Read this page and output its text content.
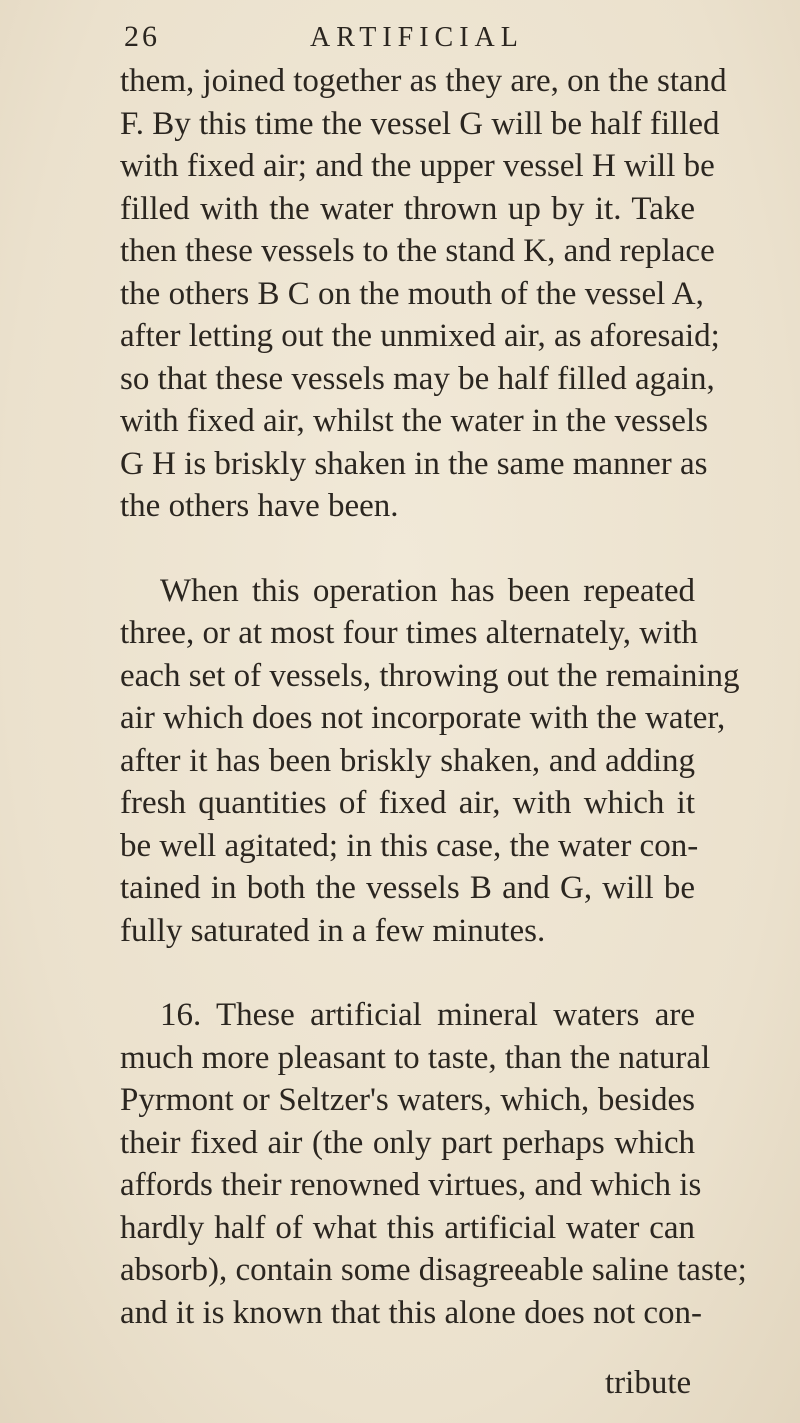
26	ARTIFICIAL

them, joined together as they are, on the stand

F. By this time the vessel G will be half filled

with fixed air; and the upper vessel H will be

filled with the water thrown up by it. Take

then these vessels to the stand K, and replace

the others B C on the mouth of the vessel A,

after letting out the unmixed air, as aforesaid;

so that these vessels may be half filled again,

with fixed air, whilst the water in the vessels

G H is briskly shaken in the same manner as

the others have been.

When this operation has been repeated

three, or at most four times alternately, with

each set of vessels, throwing out the remaining

air which does not incorporate with the water,

after it has been briskly shaken, and adding

fresh quantities of fixed air, with which it

be well agitated; in this case, the water con-

tained in both the vessels B and G, will be

fully saturated in a few minutes.

16. These artificial mineral waters are

much more pleasant to taste, than the natural

Pyrmont or Seltzer's waters, which, besides

their fixed air (the only part perhaps which

affords their renowned virtues, and which is

hardly half of what this artificial water can

absorb), contain some disagreeable saline taste;

and it is known that this alone does not con-

tribute
